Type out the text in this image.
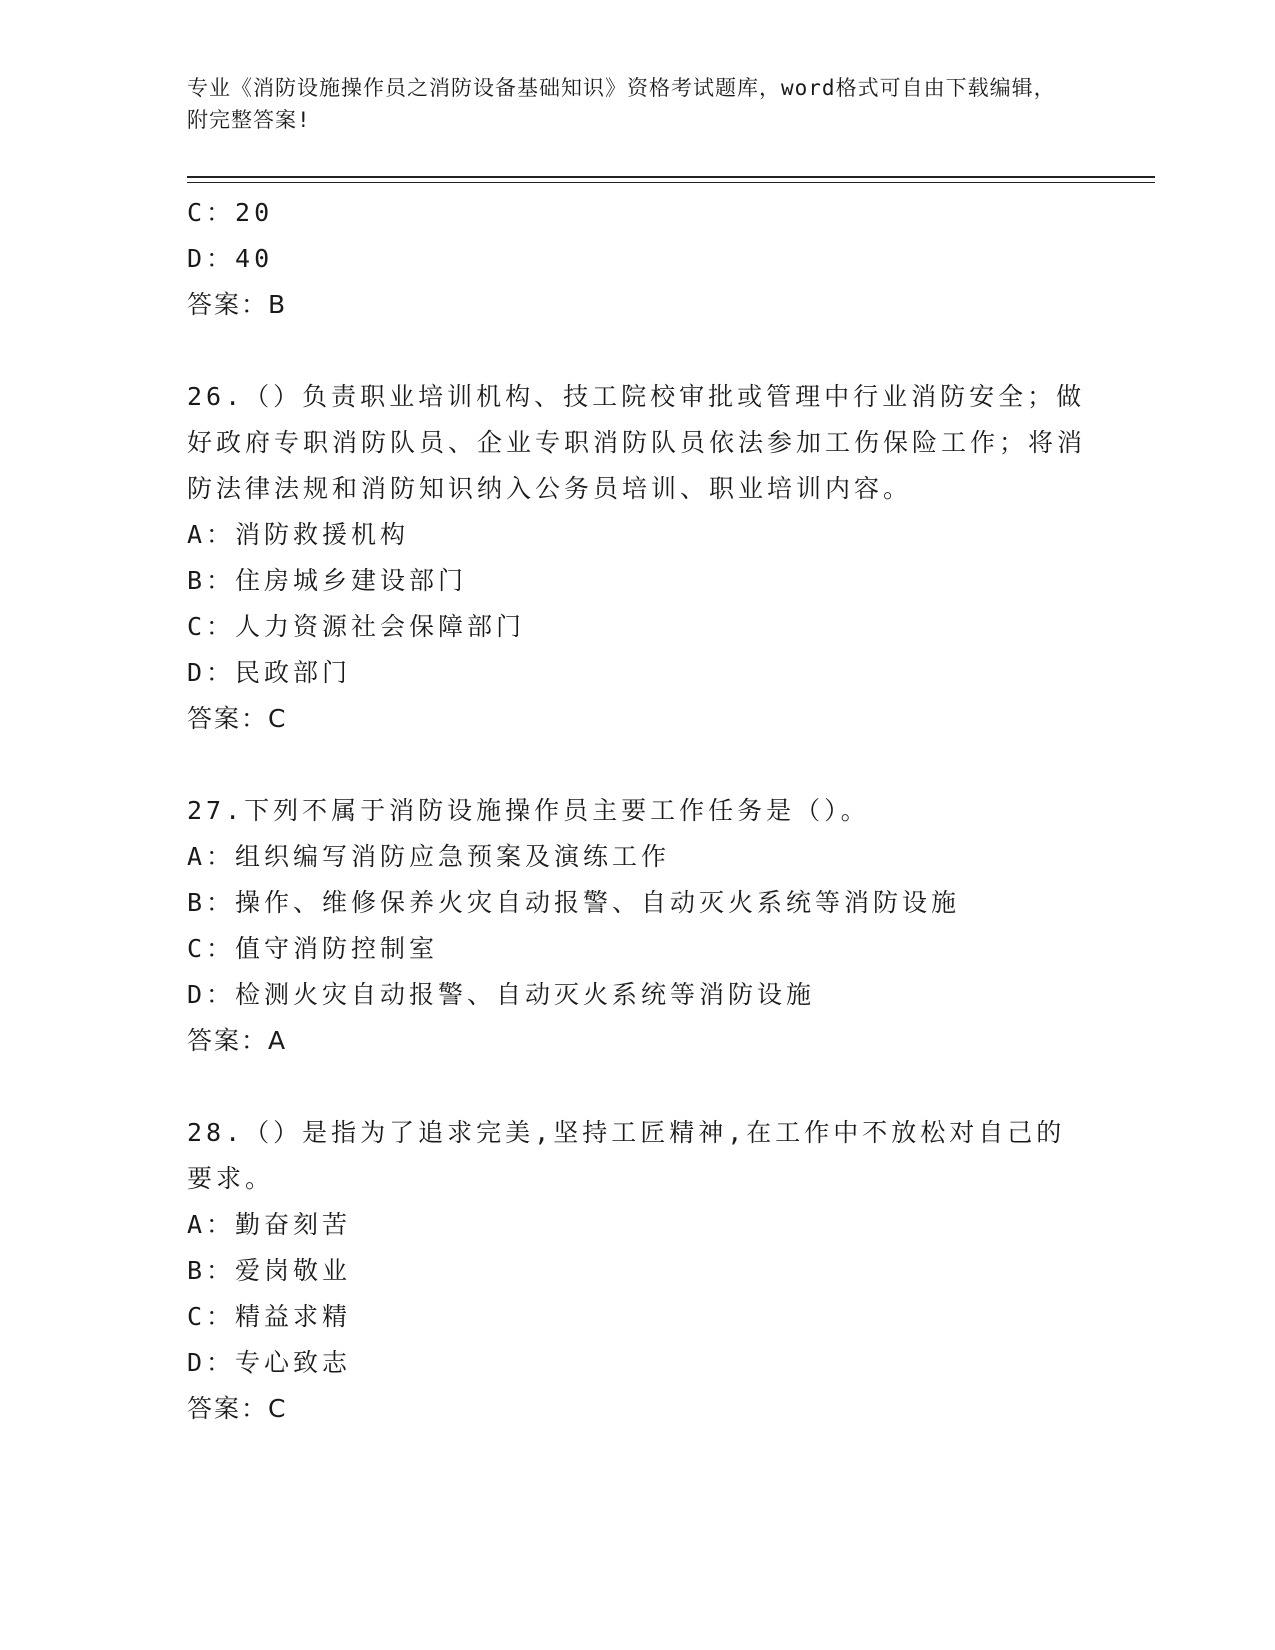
专业《消防设施操作员之消防设备基础知识》资格考试题库，word格式可自由下载编辑，附完整答案!
C：20
D：40
答案：B
26.（）负责职业培训机构、技工院校审批或管理中行业消防安全；做好政府专职消防队员、企业专职消防队员依法参加工伤保险工作；将消防法律法规和消防知识纳入公务员培训、职业培训内容。
A：消防救援机构
B：住房城乡建设部门
C：人力资源社会保障部门
D：民政部门
答案：C
27.下列不属于消防设施操作员主要工作任务是（）。
A：组织编写消防应急预案及演练工作
B：操作、维修保养火灾自动报警、自动灭火系统等消防设施
C：值守消防控制室
D：检测火灾自动报警、自动灭火系统等消防设施
答案：A
28.（）是指为了追求完美,坚持工匠精神,在工作中不放松对自己的要求。
A：勤奋刻苦
B：爱岗敬业
C：精益求精
D：专心致志
答案：C
